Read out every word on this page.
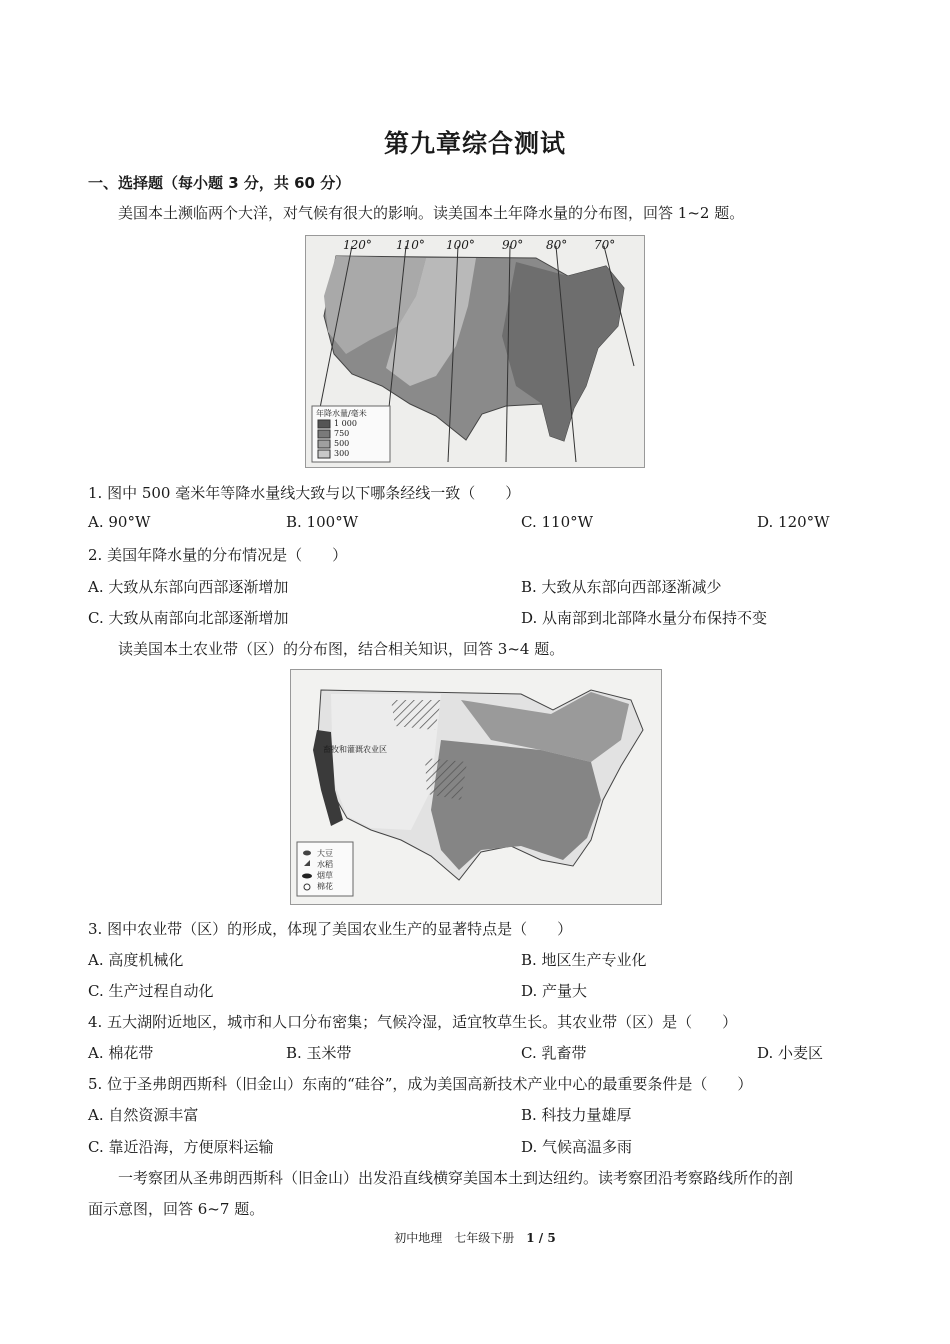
第九章综合测试
一、选择题（每小题 3 分，共 60 分）
美国本土濒临两个大洋，对气候有很大的影响。读美国本土年降水量的分布图，回答 1~2 题。
120° 110° 100° 90° 80° 70°
年降水量/毫米
1 000
750
500
300
1. 图中 500 毫米年等降水量线大致与以下哪条经线一致（　　）
A. 90°W	B. 100°W	C. 110°W	D. 120°W
2. 美国年降水量的分布情况是（　　）
A. 大致从东部向西部逐渐增加	B. 大致从东部向西部逐渐减少
C. 大致从南部向北部逐渐增加	D. 从南部到北部降水量分布保持不变
读美国本土农业带（区）的分布图，结合相关知识，回答 3~4 题。
畜牧和灌溉农业区
大豆
水稻
烟草
棉花
3. 图中农业带（区）的形成，体现了美国农业生产的显著特点是（　　）
A. 高度机械化	B. 地区生产专业化
C. 生产过程自动化	D. 产量大
4. 五大湖附近地区，城市和人口分布密集；气候冷湿，适宜牧草生长。其农业带（区）是（　　）
A. 棉花带	B. 玉米带	C. 乳畜带	D. 小麦区
5. 位于圣弗朗西斯科（旧金山）东南的“硅谷”，成为美国高新技术产业中心的最重要条件是（　　）
A. 自然资源丰富	B. 科技力量雄厚
C. 靠近沿海，方便原料运输	D. 气候高温多雨
一考察团从圣弗朗西斯科（旧金山）出发沿直线横穿美国本土到达纽约。读考察团沿考察路线所作的剖
面示意图，回答 6~7 题。
初中地理　七年级下册　1 / 5
